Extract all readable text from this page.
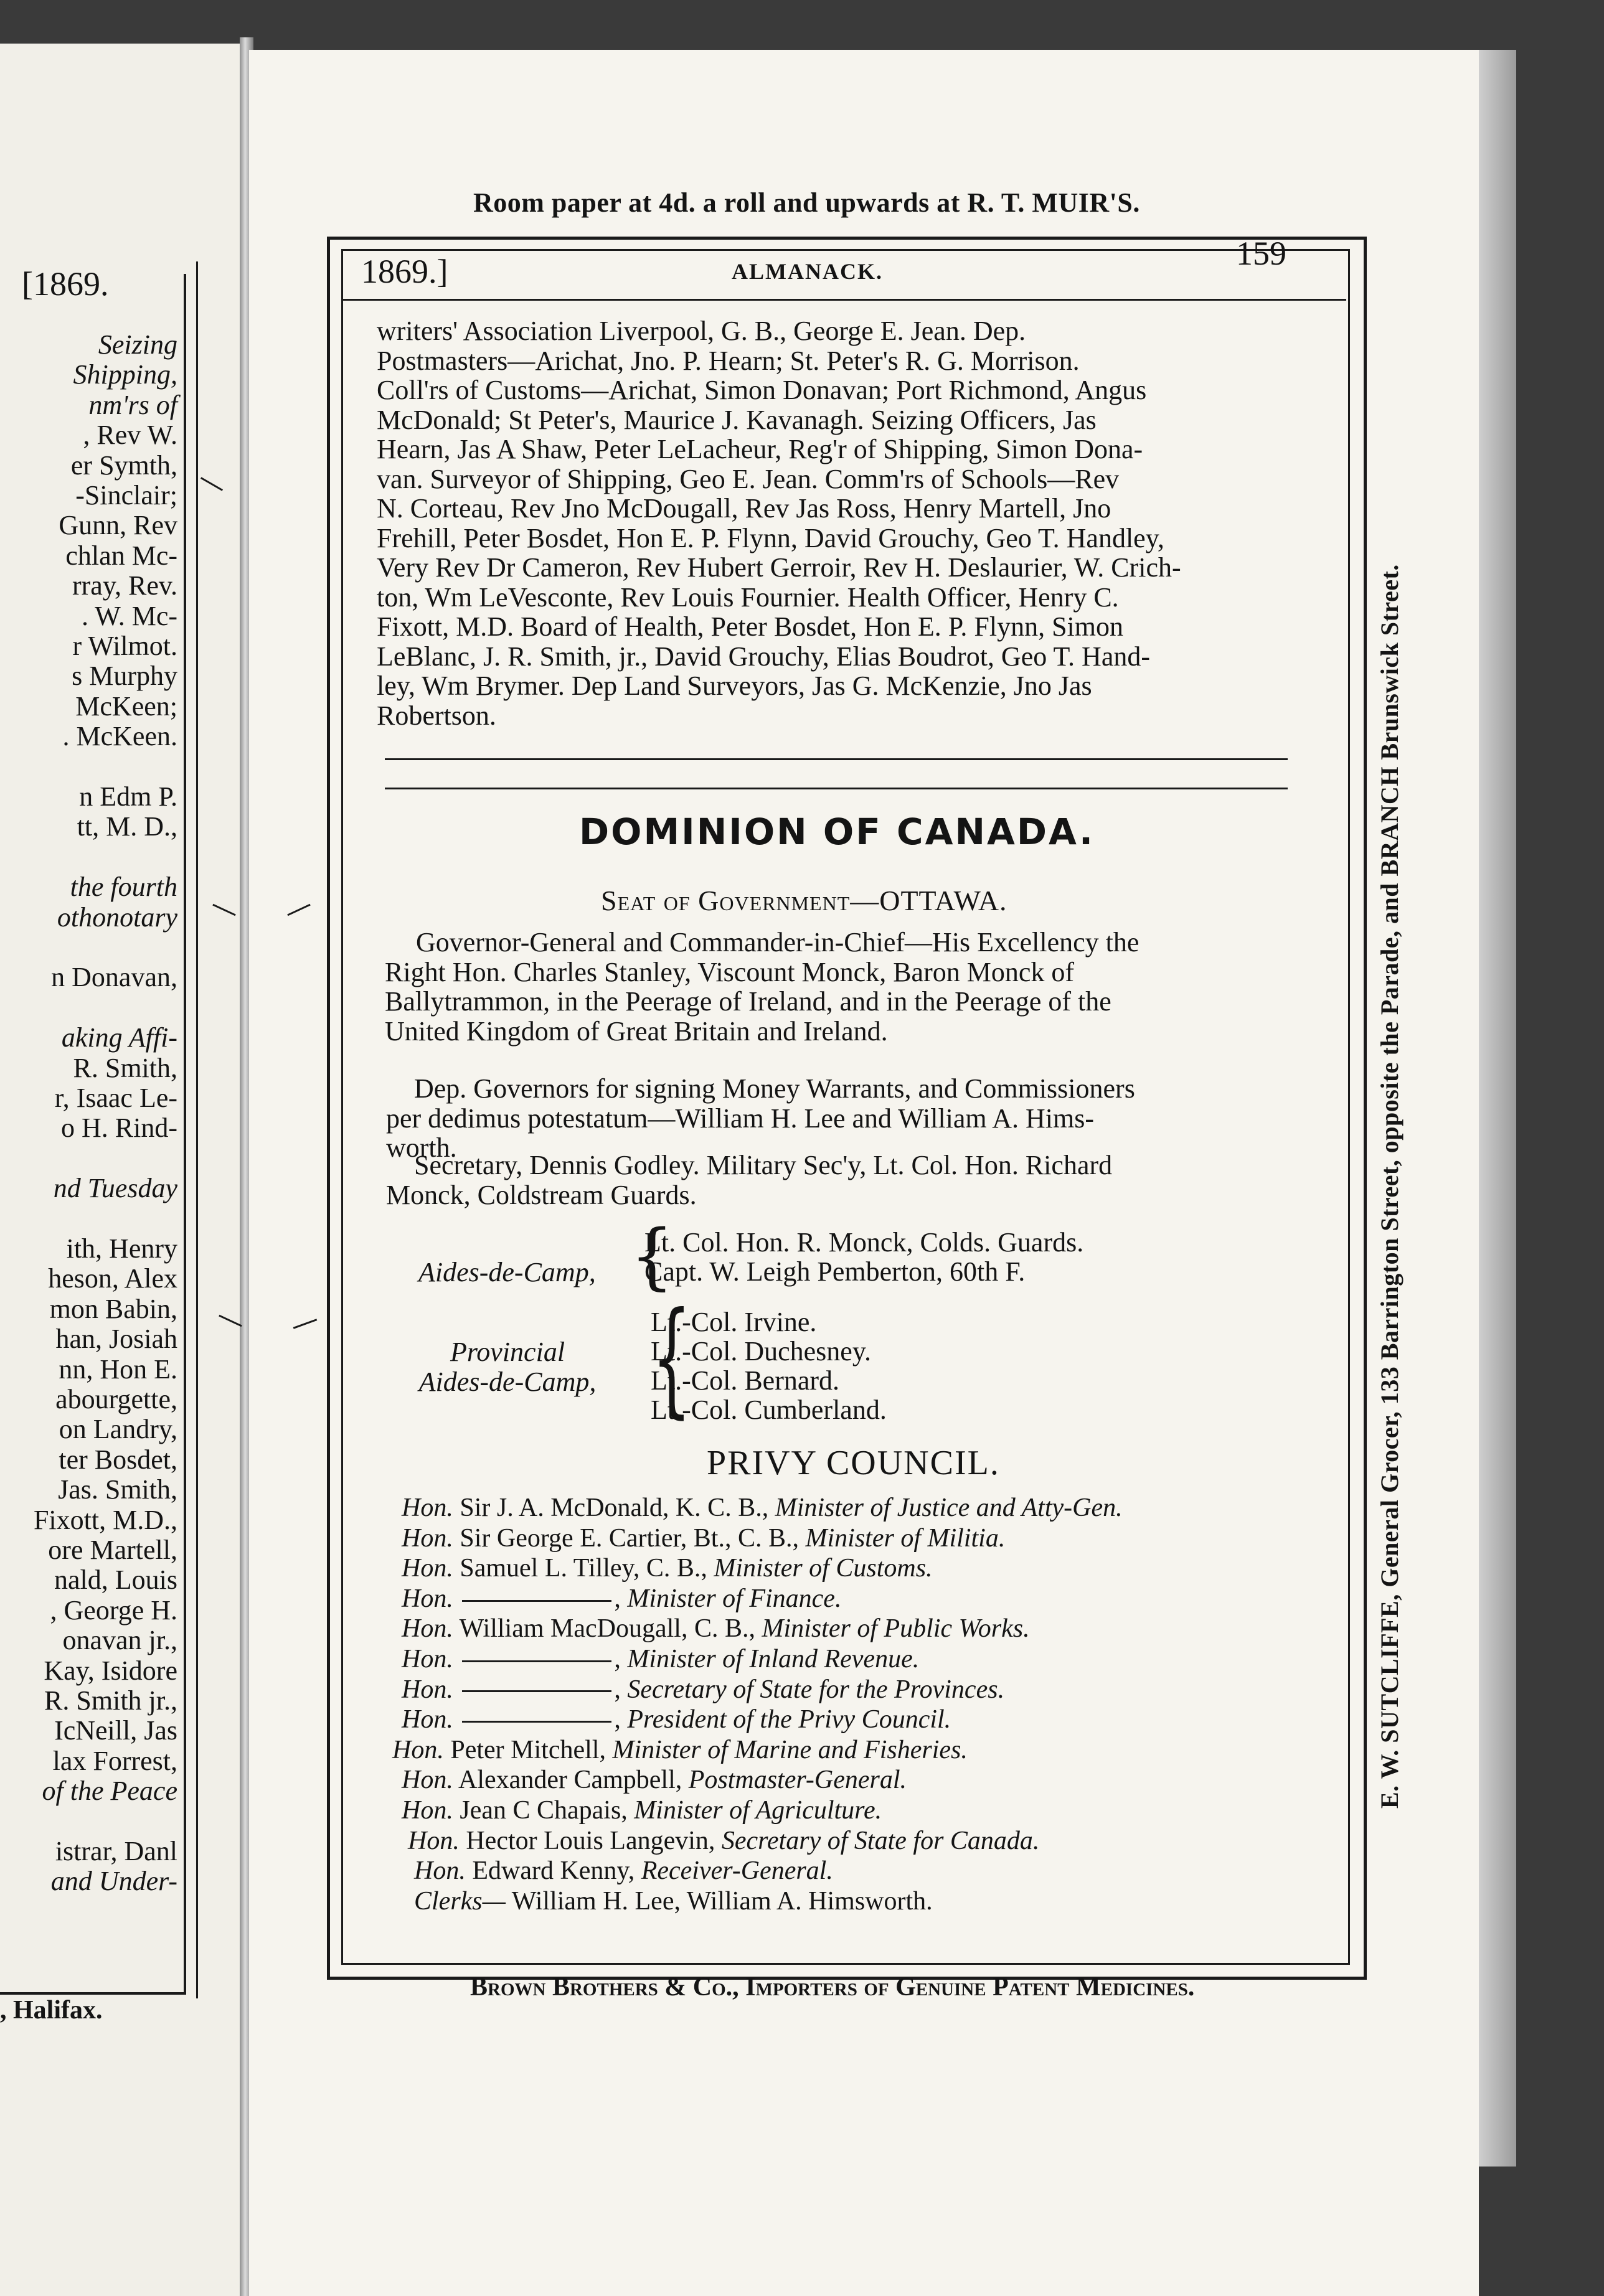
[1869.
Seizing
Shipping,
nm'rs of
, Rev W.
er Symth,
-Sinclair;
Gunn, Rev
chlan Mc-
rray, Rev.
. W. Mc-
r Wilmot.
s Murphy
McKeen;
. McKeen.
n Edm P.
tt, M. D.,
the fourth
othonotary
n Donavan,
aking Affi-
R. Smith,
r, Isaac Le-
o H. Rind-
nd Tuesday
ith, Henry
heson, Alex
mon Babin,
han, Josiah
nn, Hon E.
abourgette,
on Landry,
ter Bosdet,
Jas. Smith,
Fixott, M.D.,
ore Martell,
nald, Louis
, George H.
onavan jr.,
Kay, Isidore
R. Smith jr.,
IcNeill, Jas
lax Forrest,
of the Peace
istrar, Danl
and Under-
, Halifax.
Room paper at 4d. a roll and upwards at R. T. MUIR'S.
1869.]	ALMANACK.	159
writers' Association Liverpool, G. B., George E. Jean. Dep.
Postmasters—Arichat, Jno. P. Hearn; St. Peter's R. G. Morrison.
Coll'rs of Customs—Arichat, Simon Donavan; Port Richmond, Angus
McDonald; St Peter's, Maurice J. Kavanagh. Seizing Officers, Jas
Hearn, Jas A Shaw, Peter LeLacheur, Reg'r of Shipping, Simon Dona-
van. Surveyor of Shipping, Geo E. Jean. Comm'rs of Schools—Rev
N. Corteau, Rev Jno McDougall, Rev Jas Ross, Henry Martell, Jno
Frehill, Peter Bosdet, Hon E. P. Flynn, David Grouchy, Geo T. Handley,
Very Rev Dr Cameron, Rev Hubert Gerroir, Rev H. Deslaurier, W. Crich-
ton, Wm LeVesconte, Rev Louis Fournier. Health Officer, Henry C.
Fixott, M.D. Board of Health, Peter Bosdet, Hon E. P. Flynn, Simon
LeBlanc, J. R. Smith, jr., David Grouchy, Elias Boudrot, Geo T. Hand-
ley, Wm Brymer. Dep Land Surveyors, Jas G. McKenzie, Jno Jas
Robertson.
DOMINION OF CANADA.
Seat of Government—OTTAWA.
Governor-General and Commander-in-Chief—His Excellency the
Right Hon. Charles Stanley, Viscount Monck, Baron Monck of
Ballytrammon, in the Peerage of Ireland, and in the Peerage of the
United Kingdom of Great Britain and Ireland.
Dep. Governors for signing Money Warrants, and Commissioners
per dedimus potestatum—William H. Lee and William A. Hims-
worth.
Secretary, Dennis Godley. Military Sec'y, Lt. Col. Hon. Richard
Monck, Coldstream Guards.
Aides-de-Camp, {
Lt. Col. Hon. R. Monck, Colds. Guards.
Capt. W. Leigh Pemberton, 60th F.
Provincial
Aides-de-Camp, {
Lt.-Col. Irvine.
Lt.-Col. Duchesney.
Lt.-Col. Bernard.
Lt.-Col. Cumberland.
PRIVY COUNCIL.
Hon. Sir J. A. McDonald, K. C. B., Minister of Justice and Atty-Gen.
Hon. Sir George E. Cartier, Bt., C. B., Minister of Militia.
Hon. Samuel L. Tilley, C. B., Minister of Customs.
Hon.	, Minister of Finance.
Hon. William MacDougall, C. B., Minister of Public Works.
Hon.	, Minister of Inland Revenue.
Hon.	, Secretary of State for the Provinces.
Hon.	, President of the Privy Council.
Hon. Peter Mitchell, Minister of Marine and Fisheries.
Hon. Alexander Campbell, Postmaster-General.
Hon. Jean C Chapais, Minister of Agriculture.
Hon. Hector Louis Langevin, Secretary of State for Canada.
Hon. Edward Kenny, Receiver-General.
Clerks— William H. Lee, William A. Himsworth.
Brown Brothers & Co., Importers of Genuine Patent Medicines.
E. W. SUTCLIFFE, General Grocer, 133 Barrington Street, opposite the Parade, and BRANCH Brunswick Street.
